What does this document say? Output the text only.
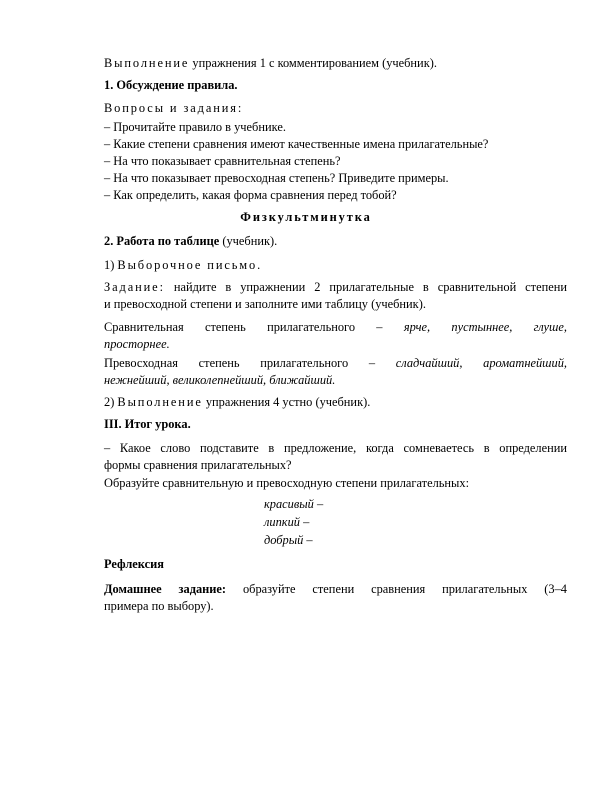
Выполнение упражнения 1 с комментированием (учебник).
1. Обсуждение правила.
Вопросы и задания:
– Прочитайте правило в учебнике.
– Какие степени сравнения имеют качественные имена прилагательные?
– На что показывает сравнительная степень?
– На что показывает превосходная степень? Приведите примеры.
– Как определить, какая форма сравнения перед тобой?
Физкультминутка
2. Работа по таблице (учебник).
1) Выборочное письмо.
Задание: найдите в упражнении 2 прилагательные в сравнительной степени
и превосходной степени и заполните ими таблицу (учебник).
Сравнительная степень прилагательного – ярче, пустыннее, глуше,
просторнее.
Превосходная степень прилагательного – сладчайший, ароматнейший,
нежнейший, великолепнейший, ближайший.
2) Выполнение упражнения 4 устно (учебник).
III. Итог урока.
– Какое слово подставите в предложение, когда сомневаетесь в определении
формы сравнения прилагательных?
Образуйте сравнительную и превосходную степени прилагательных:
красивый –
липкий –
добрый –
Рефлексия
Домашнее задание: образуйте степени сравнения прилагательных (3–4
примера по выбору).
